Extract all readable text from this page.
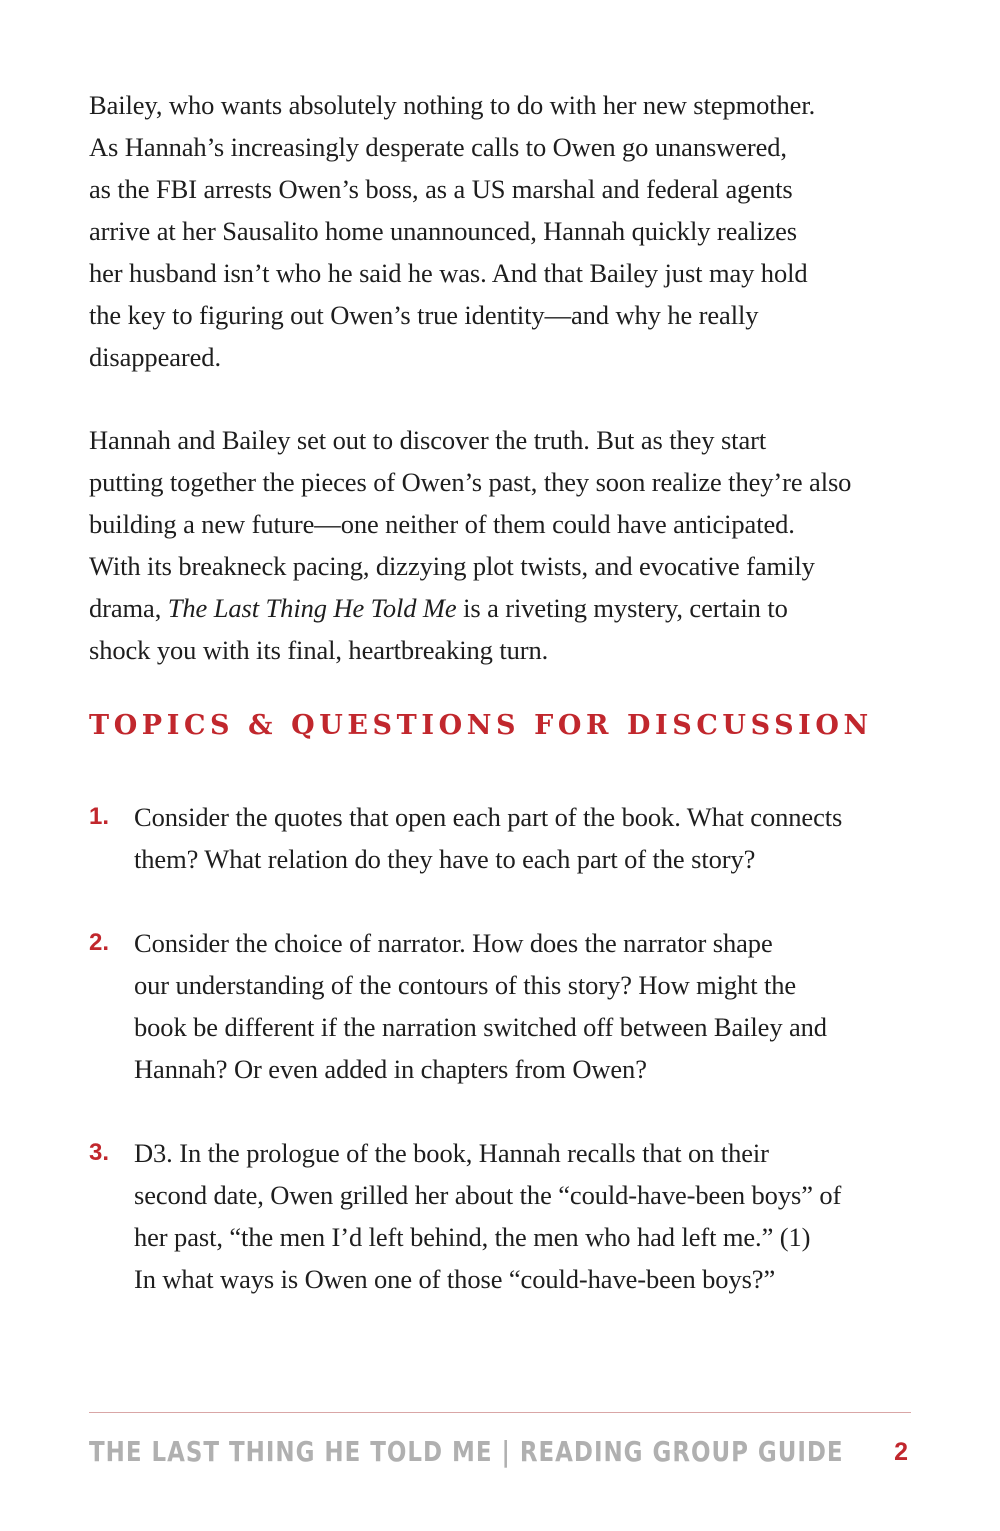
Bailey, who wants absolutely nothing to do with her new stepmother.
As Hannah’s increasingly desperate calls to Owen go unanswered,
as the FBI arrests Owen’s boss, as a US marshal and federal agents
arrive at her Sausalito home unannounced, Hannah quickly realizes
her husband isn’t who he said he was. And that Bailey just may hold
the key to figuring out Owen’s true identity—and why he really
disappeared.

Hannah and Bailey set out to discover the truth. But as they start
putting together the pieces of Owen’s past, they soon realize they’re also
building a new future—one neither of them could have anticipated.
With its breakneck pacing, dizzying plot twists, and evocative family
drama, The Last Thing He Told Me is a riveting mystery, certain to
shock you with its final, heartbreaking turn.

TOPICS & QUESTIONS FOR DISCUSSION
1. Consider the quotes that open each part of the book. What connects
them? What relation do they have to each part of the story?
2. Consider the choice of narrator. How does the narrator shape
our understanding of the contours of this story? How might the
book be different if the narration switched off between Bailey and
Hannah? Or even added in chapters from Owen?
3. D3. In the prologue of the book, Hannah recalls that on their
second date, Owen grilled her about the “could-have-been boys” of
her past, “the men I’d left behind, the men who had left me.” (1)
In what ways is Owen one of those “could-have-been boys?”
THE LAST THING HE TOLD ME | READING GROUP GUIDE 2
